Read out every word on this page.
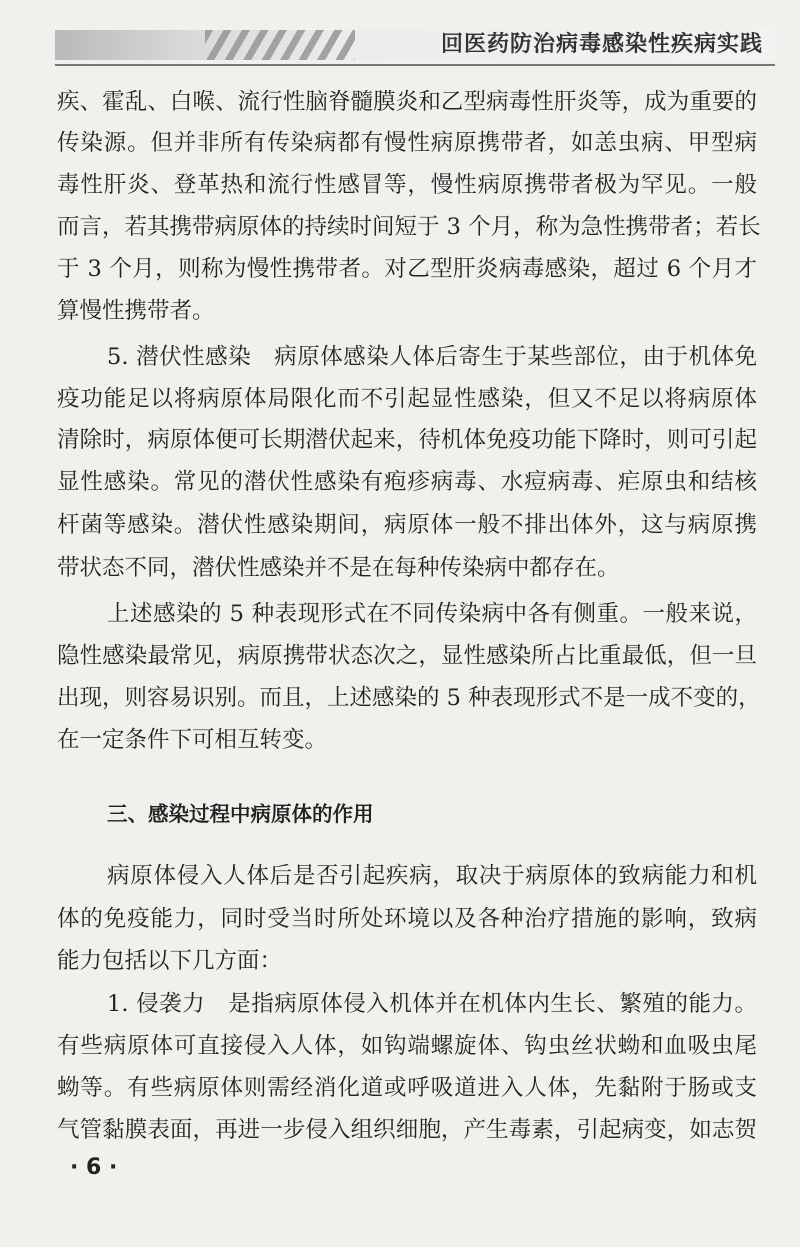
回医药防治病毒感染性疾病实践
疾、霍乱、白喉、流行性脑脊髓膜炎和乙型病毒性肝炎等，成为重要的
传染源。但并非所有传染病都有慢性病原携带者，如恙虫病、甲型病
毒性肝炎、登革热和流行性感冒等，慢性病原携带者极为罕见。一般
而言，若其携带病原体的持续时间短于 3 个月，称为急性携带者；若长
于 3 个月，则称为慢性携带者。对乙型肝炎病毒感染，超过 6 个月才
算慢性携带者。
5. 潜伏性感染　病原体感染人体后寄生于某些部位，由于机体免
疫功能足以将病原体局限化而不引起显性感染，但又不足以将病原体
清除时，病原体便可长期潜伏起来，待机体免疫功能下降时，则可引起
显性感染。常见的潜伏性感染有疱疹病毒、水痘病毒、疟原虫和结核
杆菌等感染。潜伏性感染期间，病原体一般不排出体外，这与病原携
带状态不同，潜伏性感染并不是在每种传染病中都存在。
上述感染的 5 种表现形式在不同传染病中各有侧重。一般来说，
隐性感染最常见，病原携带状态次之，显性感染所占比重最低，但一旦
出现，则容易识别。而且，上述感染的 5 种表现形式不是一成不变的，
在一定条件下可相互转变。
三、感染过程中病原体的作用
病原体侵入人体后是否引起疾病，取决于病原体的致病能力和机
体的免疫能力，同时受当时所处环境以及各种治疗措施的影响，致病
能力包括以下几方面：
1. 侵袭力　是指病原体侵入机体并在机体内生长、繁殖的能力。
有些病原体可直接侵入人体，如钩端螺旋体、钩虫丝状蚴和血吸虫尾
蚴等。有些病原体则需经消化道或呼吸道进入人体，先黏附于肠或支
气管黏膜表面，再进一步侵入组织细胞，产生毒素，引起病变，如志贺
· 6 ·
